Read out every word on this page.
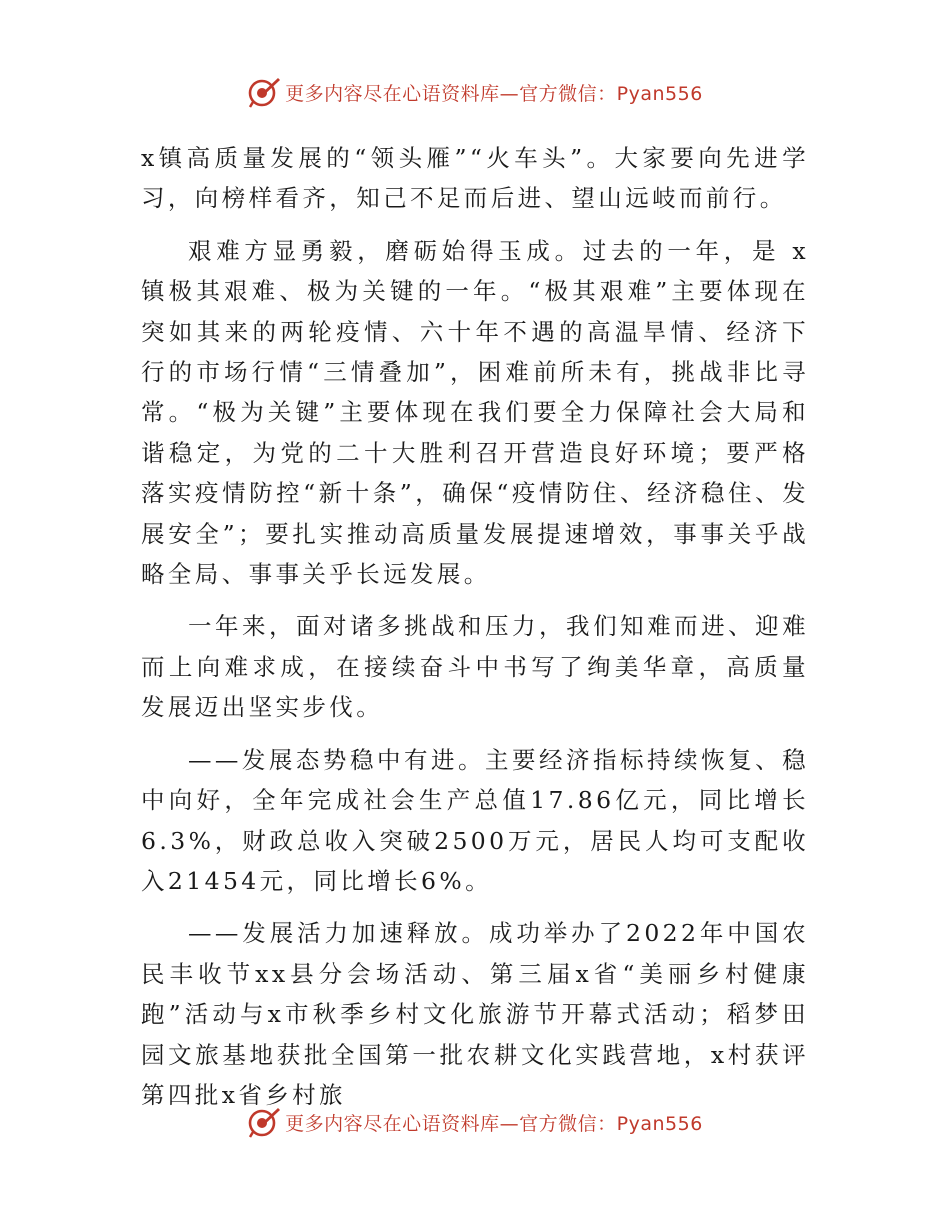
更多内容尽在心语资料库—官方微信：Pyan556

x镇高质量发展的“领头雁”“火车头”。大家要向先进学习，向榜样看齐，知己不足而后进、望山远岐而前行。

艰难方显勇毅，磨砺始得玉成。过去的一年，是 x 镇极其艰难、极为关键的一年。“极其艰难”主要体现在突如其来的两轮疫情、六十年不遇的高温旱情、经济下行的市场行情“三情叠加”，困难前所未有，挑战非比寻常。“极为关键”主要体现在我们要全力保障社会大局和谐稳定，为党的二十大胜利召开营造良好环境；要严格落实疫情防控“新十条”，确保“疫情防住、经济稳住、发展安全”；要扎实推动高质量发展提速增效，事事关乎战略全局、事事关乎长远发展。

一年来，面对诸多挑战和压力，我们知难而进、迎难而上向难求成，在接续奋斗中书写了绚美华章，高质量发展迈出坚实步伐。

——发展态势稳中有进。主要经济指标持续恢复、稳中向好，全年完成社会生产总值17.86亿元，同比增长6.3%，财政总收入突破2500万元，居民人均可支配收入21454元，同比增长6%。

——发展活力加速释放。成功举办了2022年中国农民丰收节xx县分会场活动、第三届x省“美丽乡村健康跑”活动与x市秋季乡村文化旅游节开幕式活动；稻梦田园文旅基地获批全国第一批农耕文化实践营地，x村获评第四批x省乡村旅

更多内容尽在心语资料库—官方微信：Pyan556
